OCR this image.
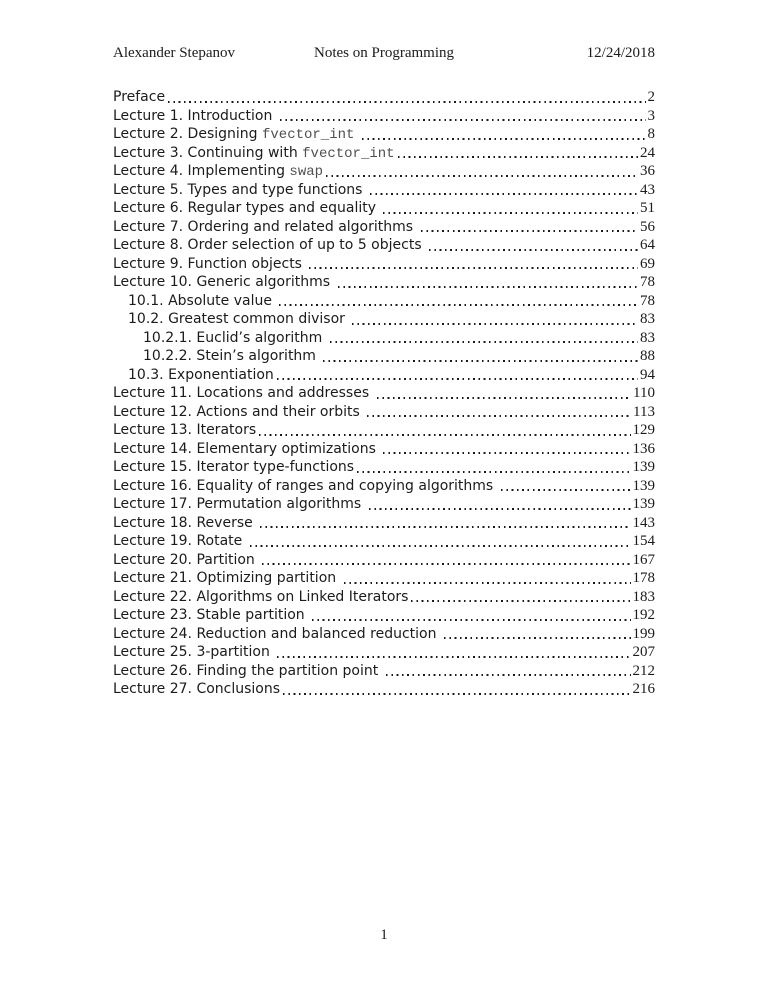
Alexander Stepanov	Notes on Programming	12/24/2018
Preface	2
Lecture 1. Introduction	3
Lecture 2. Designing fvector_int	8
Lecture 3. Continuing with fvector_int	24
Lecture 4. Implementing swap	36
Lecture 5. Types and type functions	43
Lecture 6. Regular types and equality	51
Lecture 7. Ordering and related algorithms	56
Lecture 8. Order selection of up to 5 objects	64
Lecture 9. Function objects	69
Lecture 10. Generic algorithms	78
10.1. Absolute value	78
10.2. Greatest common divisor	83
10.2.1. Euclid’s algorithm	83
10.2.2. Stein’s algorithm	88
10.3. Exponentiation	94
Lecture 11. Locations and addresses	110
Lecture 12. Actions and their orbits	113
Lecture 13. Iterators	129
Lecture 14. Elementary optimizations	136
Lecture 15. Iterator type-functions	139
Lecture 16. Equality of ranges and copying algorithms	139
Lecture 17. Permutation algorithms	139
Lecture 18. Reverse	143
Lecture 19. Rotate	154
Lecture 20. Partition	167
Lecture 21. Optimizing partition	178
Lecture 22. Algorithms on Linked Iterators	183
Lecture 23. Stable partition	192
Lecture 24. Reduction and balanced reduction	199
Lecture 25. 3-partition	207
Lecture 26. Finding the partition point	212
Lecture 27. Conclusions	216
1
